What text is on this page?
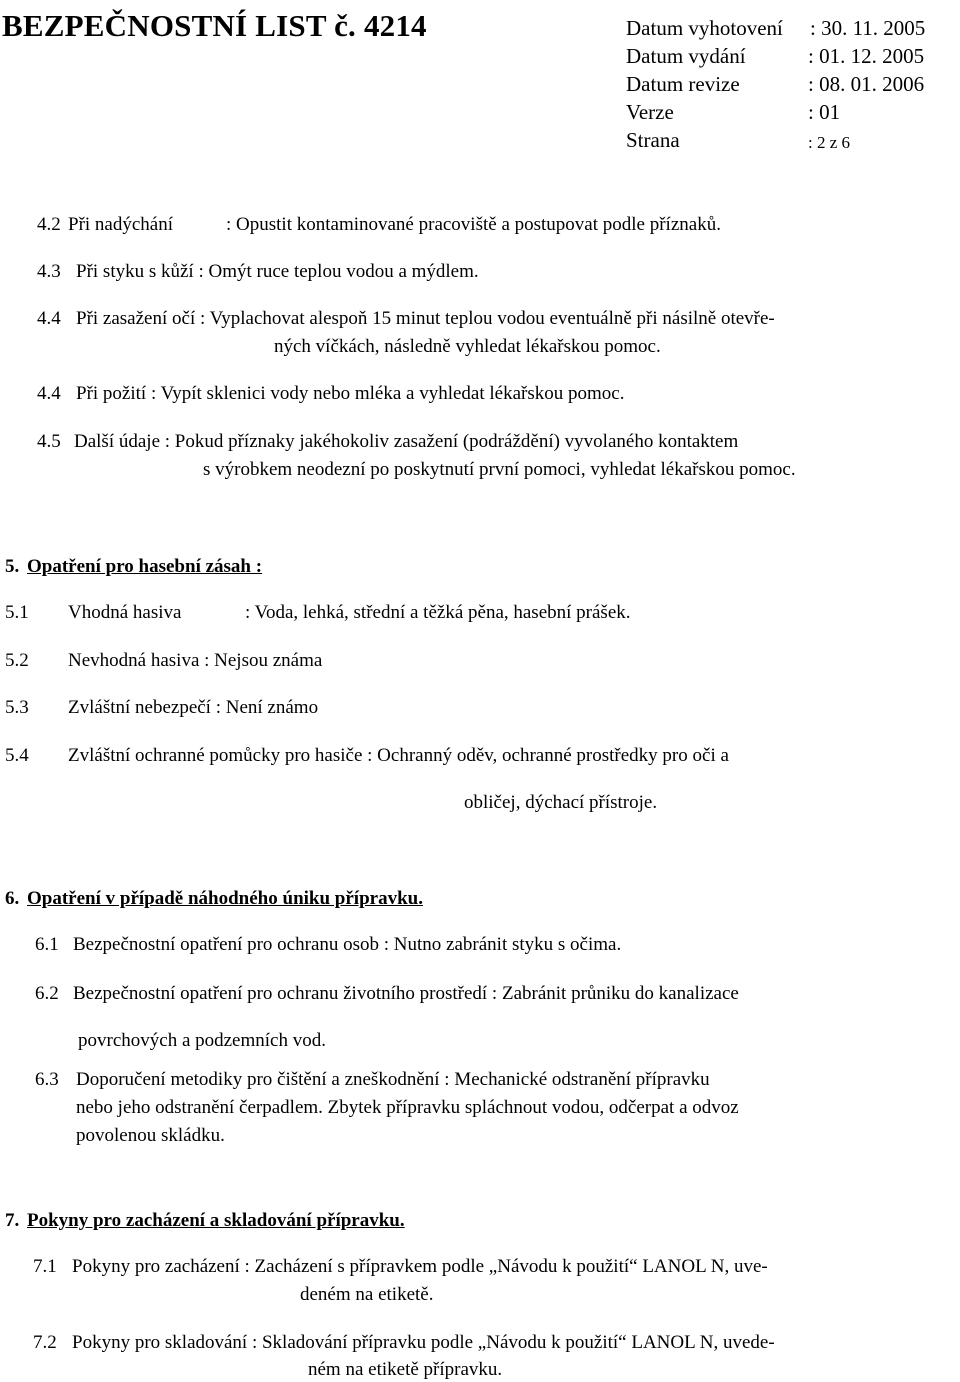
BEZPEČNOSTNÍ LIST č. 4214	Datum vyhotovení : 30. 11. 2005
Datum vydání	: 01. 12. 2005
Datum revize	: 08. 01. 2006
Verze	: 01
Strana	: 2 z 6
4.2 Při nadýchání	: Opustit kontaminované pracoviště a postupovat podle příznaků.
4.3 Při styku s kůží : Omýt ruce teplou vodou a mýdlem.
4.4 Při zasažení očí : Vyplachovat alespoň 15 minut teplou vodou eventuálně při násilně otevře-
ných víčkách, následně vyhledat lékařskou pomoc.
4.4 Při požití : Vypít sklenici vody nebo mléka a vyhledat lékařskou pomoc.
4.5 Další údaje : Pokud příznaky jakéhokoliv zasažení (podráždění) vyvolaného kontaktem
s výrobkem neodezní po poskytnutí první pomoci, vyhledat lékařskou pomoc.
5. Opatření pro hasební zásah :
5.1 Vhodná hasiva	: Voda, lehká, střední a těžká pěna, hasební prášek.
5.2 Nevhodná hasiva : Nejsou známa
5.3 Zvláštní nebezpečí : Není známo
5.4 Zvláštní ochranné pomůcky pro hasiče : Ochranný oděv, ochranné prostředky pro oči a
obličej, dýchací přístroje.
6. Opatření v případě náhodného úniku přípravku.
6.1 Bezpečnostní opatření pro ochranu osob : Nutno zabránit styku s očima.
6.2 Bezpečnostní opatření pro ochranu životního prostředí : Zabránit průniku do kanalizace
povrchových a podzemních vod.
6.3 Doporučení metodiky pro čištění a zneškodnění : Mechanické odstranění přípravku
nebo jeho odstranění čerpadlem. Zbytek přípravku spláchnout vodou, odčerpat a odvoz
povolenou skládku.
7. Pokyny pro zacházení a skladování přípravku.
7.1 Pokyny pro zacházení : Zacházení s přípravkem podle „Návodu k použití“ LANOL N, uve-
deném na etiketě.
7.2 Pokyny pro skladování : Skladování přípravku podle „Návodu k použití“ LANOL N, uvede-
ném na etiketě přípravku.
